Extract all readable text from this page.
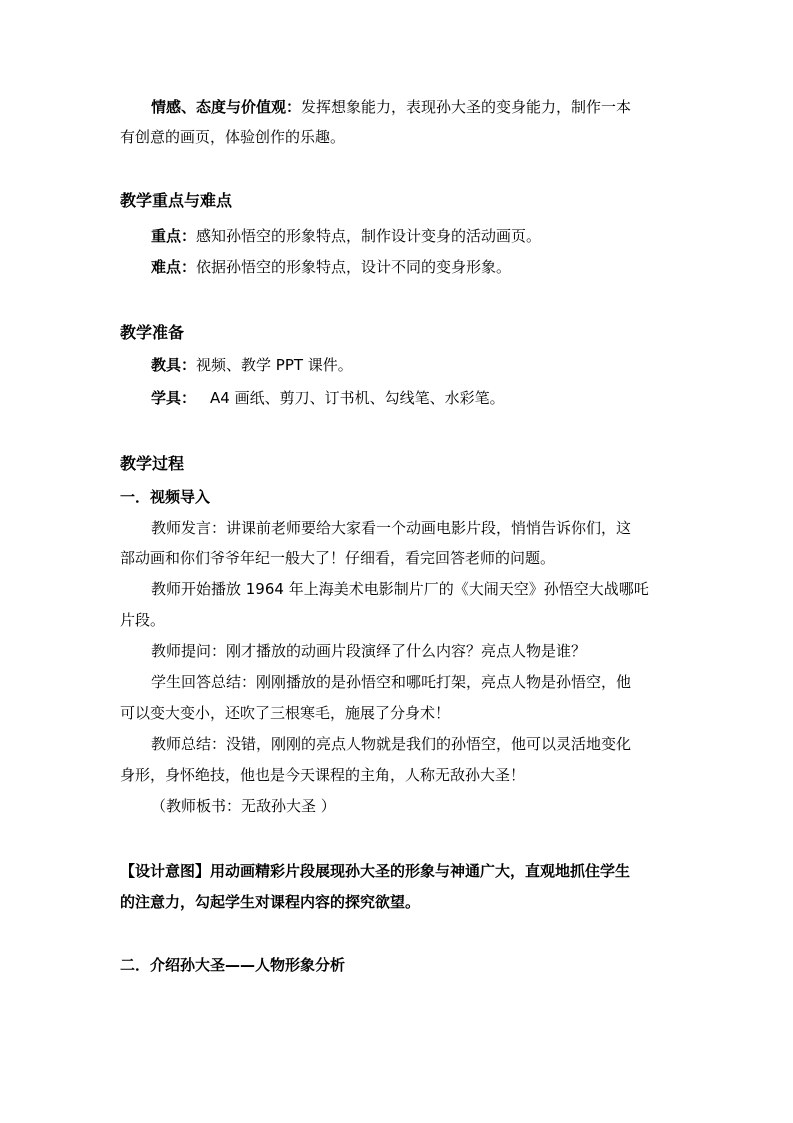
情感、态度与价值观：发挥想象能力，表现孙大圣的变身能力，制作一本
有创意的画页，体验创作的乐趣。
教学重点与难点
重点：感知孙悟空的形象特点，制作设计变身的活动画页。
难点：依据孙悟空的形象特点，设计不同的变身形象。
教学准备
教具：视频、教学 PPT 课件。
学具： A4 画纸、剪刀、订书机、勾线笔、水彩笔。
教学过程
一．视频导入
教师发言：讲课前老师要给大家看一个动画电影片段，悄悄告诉你们，这
部动画和你们爷爷年纪一般大了！仔细看，看完回答老师的问题。
教师开始播放 1964 年上海美术电影制片厂的《大闹天空》孙悟空大战哪吒
片段。
教师提问：刚才播放的动画片段演绎了什么内容？亮点人物是谁？
学生回答总结：刚刚播放的是孙悟空和哪吒打架，亮点人物是孙悟空，他
可以变大变小，还吹了三根寒毛，施展了分身术！
教师总结：没错，刚刚的亮点人物就是我们的孙悟空，他可以灵活地变化
身形，身怀绝技，他也是今天课程的主角，人称无敌孙大圣！
（教师板书：无敌孙大圣 ）
【设计意图】用动画精彩片段展现孙大圣的形象与神通广大，直观地抓住学生
的注意力，勾起学生对课程内容的探究欲望。
二．介绍孙大圣——人物形象分析
